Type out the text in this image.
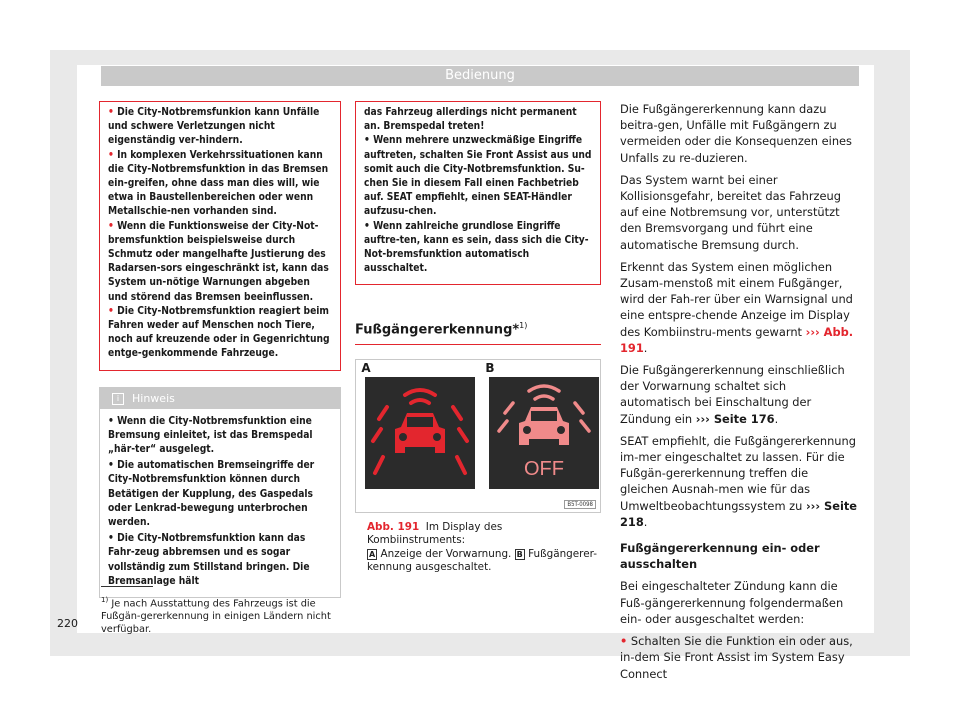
Bedienung

• Die City-Notbremsfunkion kann Unfälle und schwere Verletzungen nicht eigenständig ver-hindern.

• In komplexen Verkehrssituationen kann die City-Notbremsfunktion in das Bremsen ein-greifen, ohne dass man dies will, wie etwa in Baustellenbereichen oder wenn Metallschie-nen vorhanden sind.

• Wenn die Funktionsweise der City-Not-bremsfunktion beispielsweise durch Schmutz oder mangelhafte Justierung des Radarsen-sors eingeschränkt ist, kann das System un-nötige Warnungen abgeben und störend das Bremsen beeinflussen.

• Die City-Notbremsfunktion reagiert beim Fahren weder auf Menschen noch Tiere, noch auf kreuzende oder in Gegenrichtung entge-genkommende Fahrzeuge.

i Hinweis

• Wenn die City-Notbremsfunktion eine Bremsung einleitet, ist das Bremspedal „här-ter“ ausgelegt.

• Die automatischen Bremseingriffe der City-Notbremsfunktion können durch Betätigen der Kupplung, des Gaspedals oder Lenkrad-bewegung unterbrochen werden.

• Die City-Notbremsfunktion kann das Fahr-zeug abbremsen und es sogar vollständig zum Stillstand bringen. Die Bremsanlage hält

das Fahrzeug allerdings nicht permanent an. Bremspedal treten!

• Wenn mehrere unzweckmäßige Eingriffe auftreten, schalten Sie Front Assist aus und somit auch die City-Notbremsfunktion. Su-chen Sie in diesem Fall einen Fachbetrieb auf. SEAT empfiehlt, einen SEAT-Händler aufzusu-chen.

• Wenn zahlreiche grundlose Eingriffe auftre-ten, kann es sein, dass sich die City-Not-bremsfunktion automatisch ausschaltet.

Fußgängererkennung*$^{1)}$
A	B
OFF
B5T-0098
Abb. 191 Im Display des Kombiinstruments:
A Anzeige der Vorwarnung. B Fußgängerer-kennung ausgeschaltet.

Die Fußgängererkennung kann dazu beitra-gen, Unfälle mit Fußgängern zu vermeiden oder die Konsequenzen eines Unfalls zu re-duzieren.

Das System warnt bei einer Kollisionsgefahr, bereitet das Fahrzeug auf eine Notbremsung vor, unterstützt den Bremsvorgang und führt eine automatische Bremsung durch.

Erkennt das System einen möglichen Zusam-menstoß mit einem Fußgänger, wird der Fah-rer über ein Warnsignal und eine entspre-chende Anzeige im Display des Kombiinstru-ments gewarnt ››› Abb. 191.

Die Fußgängererkennung einschließlich der Vorwarnung schaltet sich automatisch bei Einschaltung der Zündung ein ››› Seite 176.

SEAT empfiehlt, die Fußgängererkennung im-mer eingeschaltet zu lassen. Für die Fußgän-gererkennung treffen die gleichen Ausnah-men wie für das Umweltbeobachtungssystem zu ››› Seite 218.

Fußgängererkennung ein- oder ausschalten

Bei eingeschalteter Zündung kann die Fuß-gängererkennung folgendermaßen ein- oder ausgeschaltet werden:

• Schalten Sie die Funktion ein oder aus, in-dem Sie Front Assist im System Easy Connect

$^{1)}$ Je nach Ausstattung des Fahrzeugs ist die Fußgän-gererkennung in einigen Ländern nicht verfügbar.
220
